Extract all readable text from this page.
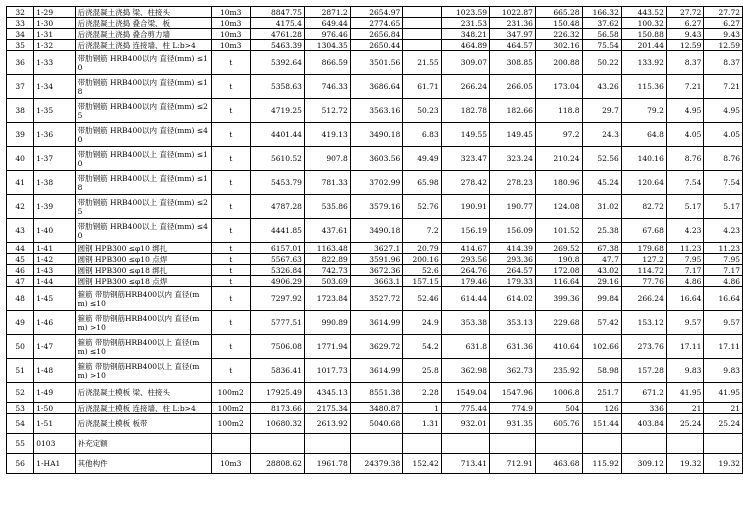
32	1-29	后浇混凝土浇捣 梁、柱接头	10m3	8847.75	2871.2	2654.97		1023.59	1022.87	665.28	166.32	443.52	27.72	27.72
33	1-30	后浇混凝土浇捣 叠合梁、板	10m3	4175.4	649.44	2774.65		231.53	231.36	150.48	37.62	100.32	6.27	6.27
34	1-31	后浇混凝土浇捣 叠合剪力墙	10m3	4761.28	976.46	2656.84		348.21	347.97	226.32	56.58	150.88	9.43	9.43
35	1-32	后浇混凝土浇捣 连接墙、柱 L:b>4	10m3	5463.39	1304.35	2650.44		464.89	464.57	302.16	75.54	201.44	12.59	12.59
36	1-33	带肋钢筋 HRB400以内 直径(mm) ≤10	t	5392.64	866.59	3501.56	21.55	309.07	308.85	200.88	50.22	133.92	8.37	8.37
37	1-34	带肋钢筋 HRB400以内 直径(mm) ≤18	t	5358.63	746.33	3686.64	61.71	266.24	266.05	173.04	43.26	115.36	7.21	7.21
38	1-35	带肋钢筋 HRB400以内 直径(mm) ≤25	t	4719.25	512.72	3563.16	50.23	182.78	182.66	118.8	29.7	79.2	4.95	4.95
39	1-36	带肋钢筋 HRB400以内 直径(mm) ≤40	t	4401.44	419.13	3490.18	6.83	149.55	149.45	97.2	24.3	64.8	4.05	4.05
40	1-37	带肋钢筋 HRB400以上 直径(mm) ≤10	t	5610.52	907.8	3603.56	49.49	323.47	323.24	210.24	52.56	140.16	8.76	8.76
41	1-38	带肋钢筋 HRB400以上 直径(mm) ≤18	t	5453.79	781.33	3702.99	65.98	278.42	278.23	180.96	45.24	120.64	7.54	7.54
42	1-39	带肋钢筋 HRB400以上 直径(mm) ≤25	t	4787.28	535.86	3579.16	52.76	190.91	190.77	124.08	31.02	82.72	5.17	5.17
43	1-40	带肋钢筋 HRB400以上 直径(mm) ≤40	t	4441.85	437.61	3490.18	7.2	156.19	156.09	101.52	25.38	67.68	4.23	4.23
44	1-41	圆钢 HPB300 ≤φ10 绑扎	t	6157.01	1163.48	3627.1	20.79	414.67	414.39	269.52	67.38	179.68	11.23	11.23
45	1-42	圆钢 HPB300 ≤φ10 点焊	t	5567.63	822.89	3591.96	200.16	293.56	293.36	190.8	47.7	127.2	7.95	7.95
46	1-43	圆钢 HPB300 ≤φ18 绑扎	t	5326.84	742.73	3672.36	52.6	264.76	264.57	172.08	43.02	114.72	7.17	7.17
47	1-44	圆钢 HPB300 ≤φ18 点焊	t	4906.29	503.69	3663.1	157.15	179.46	179.33	116.64	29.16	77.76	4.86	4.86
48	1-45	箍筋 带肋钢筋HRB400以内 直径(mm) ≤10	t	7297.92	1723.84	3527.72	52.46	614.44	614.02	399.36	99.84	266.24	16.64	16.64
49	1-46	箍筋 带肋钢筋HRB400以内 直径(mm) >10	t	5777.51	990.89	3614.99	24.9	353.38	353.13	229.68	57.42	153.12	9.57	9.57
50	1-47	箍筋 带肋钢筋HRB400以上 直径(mm) ≤10	t	7506.08	1771.94	3629.72	54.2	631.8	631.36	410.64	102.66	273.76	17.11	17.11
51	1-48	箍筋 带肋钢筋HRB400以上 直径(mm) >10	t	5836.41	1017.73	3614.99	25.8	362.98	362.73	235.92	58.98	157.28	9.83	9.83
52	1-49	后浇混凝土模板 梁、柱接头	100m2	17925.49	4345.13	8551.38	2.28	1549.04	1547.96	1006.8	251.7	671.2	41.95	41.95
53	1-50	后浇混凝土模板 连接墙、柱 L:b>4	100m2	8173.66	2175.34	3480.87	1	775.44	774.9	504	126	336	21	21
54	1-51	后浇混凝土模板 板带	100m2	10680.32	2613.92	5040.68	1.31	932.01	931.35	605.76	151.44	403.84	25.24	25.24
55	0103	补充定额												
56	1-HA1	其他构件	10m3	28808.62	1961.78	24379.38	152.42	713.41	712.91	463.68	115.92	309.12	19.32	19.32
